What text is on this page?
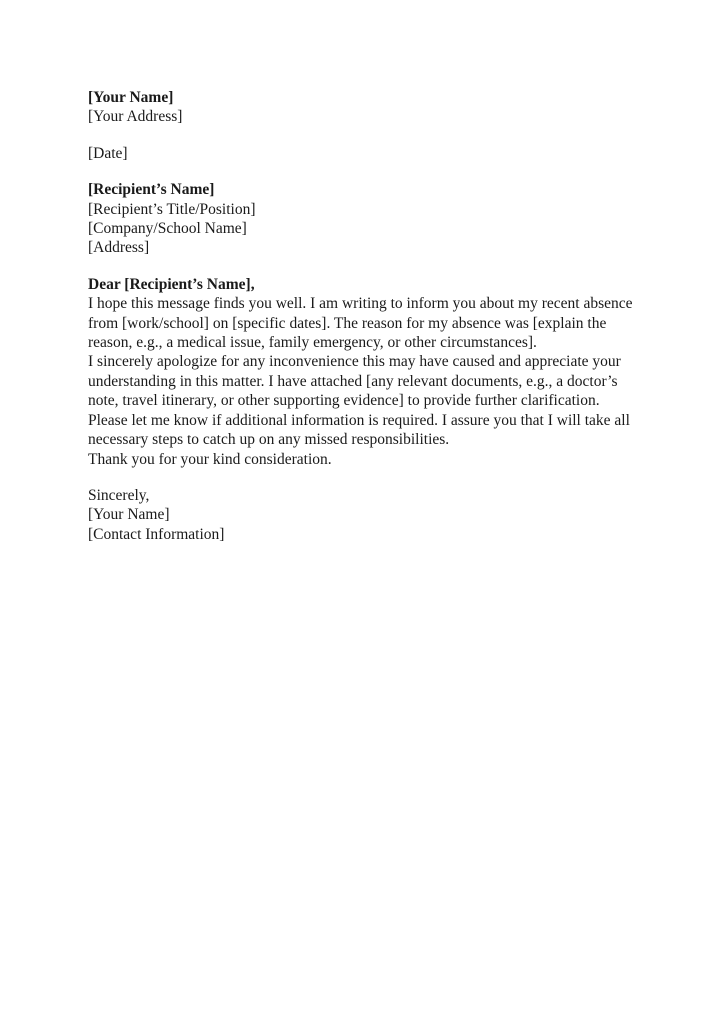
[Your Name]

[Your Address]

[Date]

[Recipient’s Name]

[Recipient’s Title/Position]

[Company/School Name]

[Address]

Dear [Recipient’s Name],

I hope this message finds you well. I am writing to inform you about my recent absence from [work/school] on [specific dates]. The reason for my absence was [explain the reason, e.g., a medical issue, family emergency, or other circumstances].

I sincerely apologize for any inconvenience this may have caused and appreciate your understanding in this matter. I have attached [any relevant documents, e.g., a doctor’s note, travel itinerary, or other supporting evidence] to provide further clarification.

Please let me know if additional information is required. I assure you that I will take all necessary steps to catch up on any missed responsibilities.

Thank you for your kind consideration.

Sincerely,

[Your Name]

[Contact Information]
